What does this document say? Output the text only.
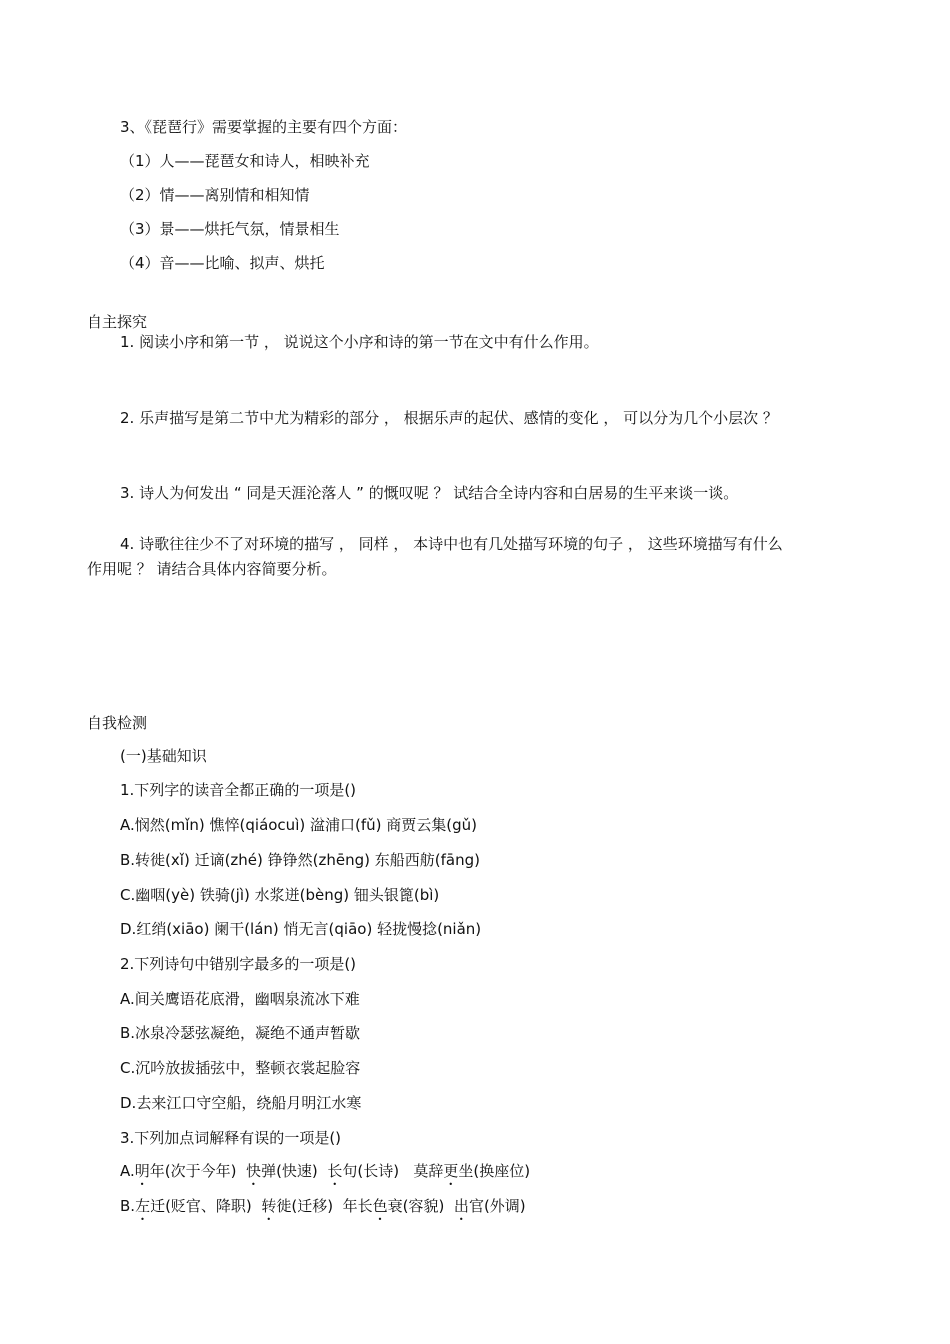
3、《琵琶行》需要掌握的主要有四个方面：
（1）人——琵琶女和诗人，相映补充
（2）情——离别情和相知情
（3）景——烘托气氛，情景相生
（4）音——比喻、拟声、烘托
自主探究
1. 阅读小序和第一节 ， 说说这个小序和诗的第一节在文中有什么作用。
2. 乐声描写是第二节中尤为精彩的部分 ， 根据乐声的起伏、感情的变化 ， 可以分为几个小层次 ？
3. 诗人为何发出 “ 同是天涯沦落人 ” 的慨叹呢 ？ 试结合全诗内容和白居易的生平来谈一谈。
4. 诗歌往往少不了对环境的描写 ， 同样 ， 本诗中也有几处描写环境的句子 ， 这些环境描写有什么
作用呢 ？ 请结合具体内容简要分析。
自我检测
(一)基础知识
1.下列字的读音全都正确的一项是()
A.悯然(mǐn) 憔悴(qiáocuì) 湓浦口(fǔ) 商贾云集(gǔ)
B.转徙(xǐ) 迁谪(zhé) 铮铮然(zhēng) 东船西舫(fāng)
C.幽咽(yè) 铁骑(jì) 水浆迸(bèng) 钿头银篦(bì)
D.红绡(xiāo) 阑干(lán) 悄无言(qiāo) 轻拢慢捻(niǎn)
2.下列诗句中错别字最多的一项是()
A.间关鹰语花底滑，幽咽泉流冰下难
B.冰泉冷瑟弦凝绝，凝绝不通声暂歇
C.沉吟放拔插弦中，整顿衣裳起脸容
D.去来江口守空船，绕船月明江水寒
3.下列加点词解释有误的一项是()
A.明年(次于今年) 快弹(快速) 长句(长诗) 莫辞更坐(换座位)
B.左迁(贬官、降职) 转徙(迁移) 年长色衰(容貌) 出官(外调)
